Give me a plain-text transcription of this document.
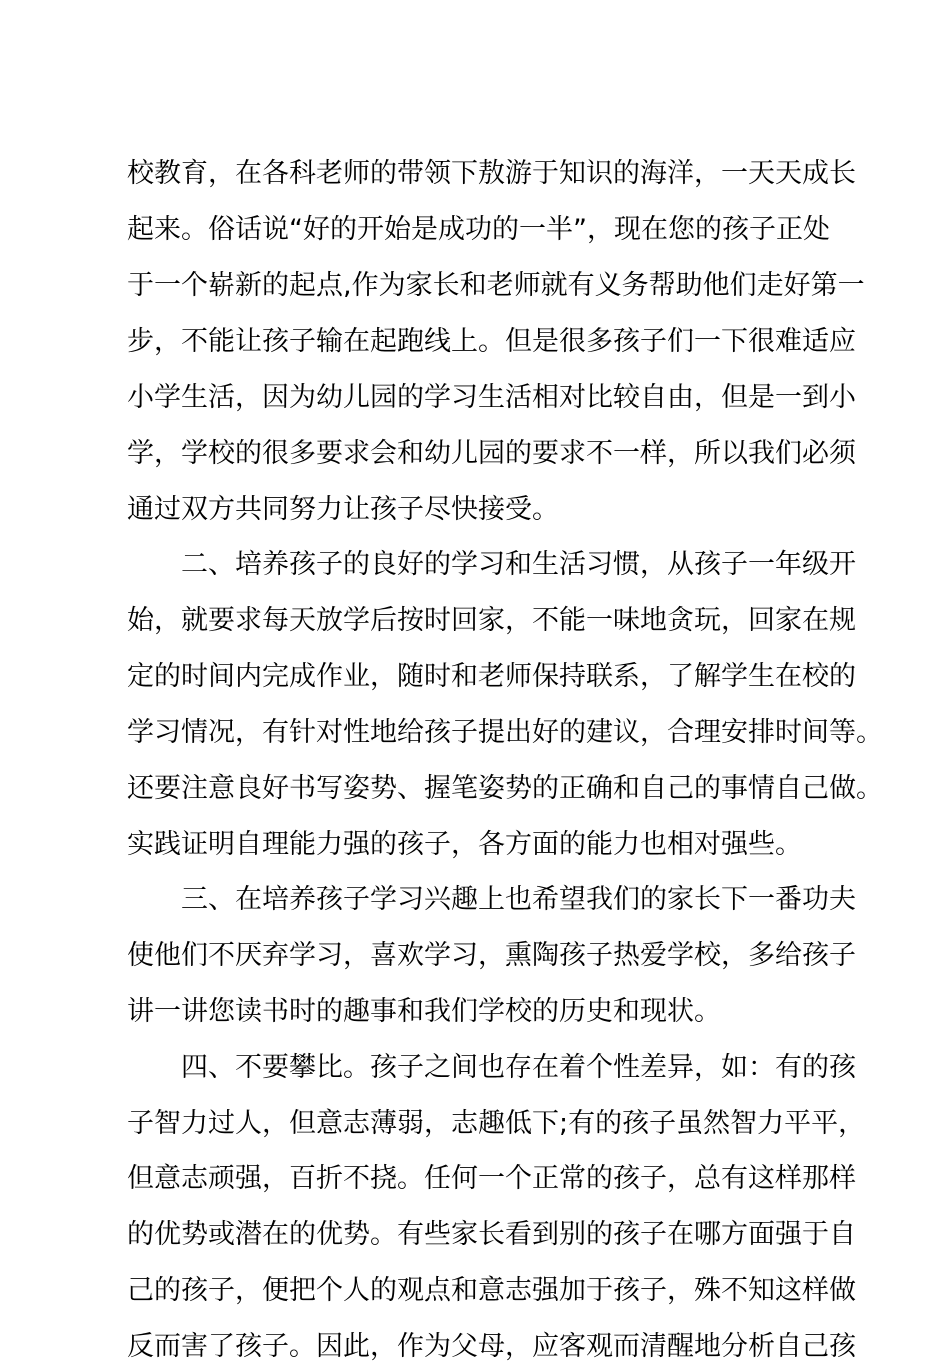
校教育，在各科老师的带领下敖游于知识的海洋，一天天成长
起来。俗话说“好的开始是成功的一半”，现在您的孩子正处
于一个崭新的起点,作为家长和老师就有义务帮助他们走好第一
步，不能让孩子输在起跑线上。但是很多孩子们一下很难适应
小学生活，因为幼儿园的学习生活相对比较自由，但是一到小
学，学校的很多要求会和幼儿园的要求不一样，所以我们必须
通过双方共同努力让孩子尽快接受。
二、培养孩子的良好的学习和生活习惯，从孩子一年级开
始，就要求每天放学后按时回家，不能一味地贪玩，回家在规
定的时间内完成作业，随时和老师保持联系，了解学生在校的
学习情况，有针对性地给孩子提出好的建议，合理安排时间等。
还要注意良好书写姿势、握笔姿势的正确和自己的事情自己做。
实践证明自理能力强的孩子，各方面的能力也相对强些。
三、在培养孩子学习兴趣上也希望我们的家长下一番功夫
使他们不厌弃学习，喜欢学习，熏陶孩子热爱学校，多给孩子
讲一讲您读书时的趣事和我们学校的历史和现状。
四、不要攀比。孩子之间也存在着个性差异，如：有的孩
子智力过人，但意志薄弱，志趣低下;有的孩子虽然智力平平，
但意志顽强，百折不挠。任何一个正常的孩子，总有这样那样
的优势或潜在的优势。有些家长看到别的孩子在哪方面强于自
己的孩子，便把个人的观点和意志强加于孩子，殊不知这样做
反而害了孩子。因此，作为父母，应客观而清醒地分析自己孩
